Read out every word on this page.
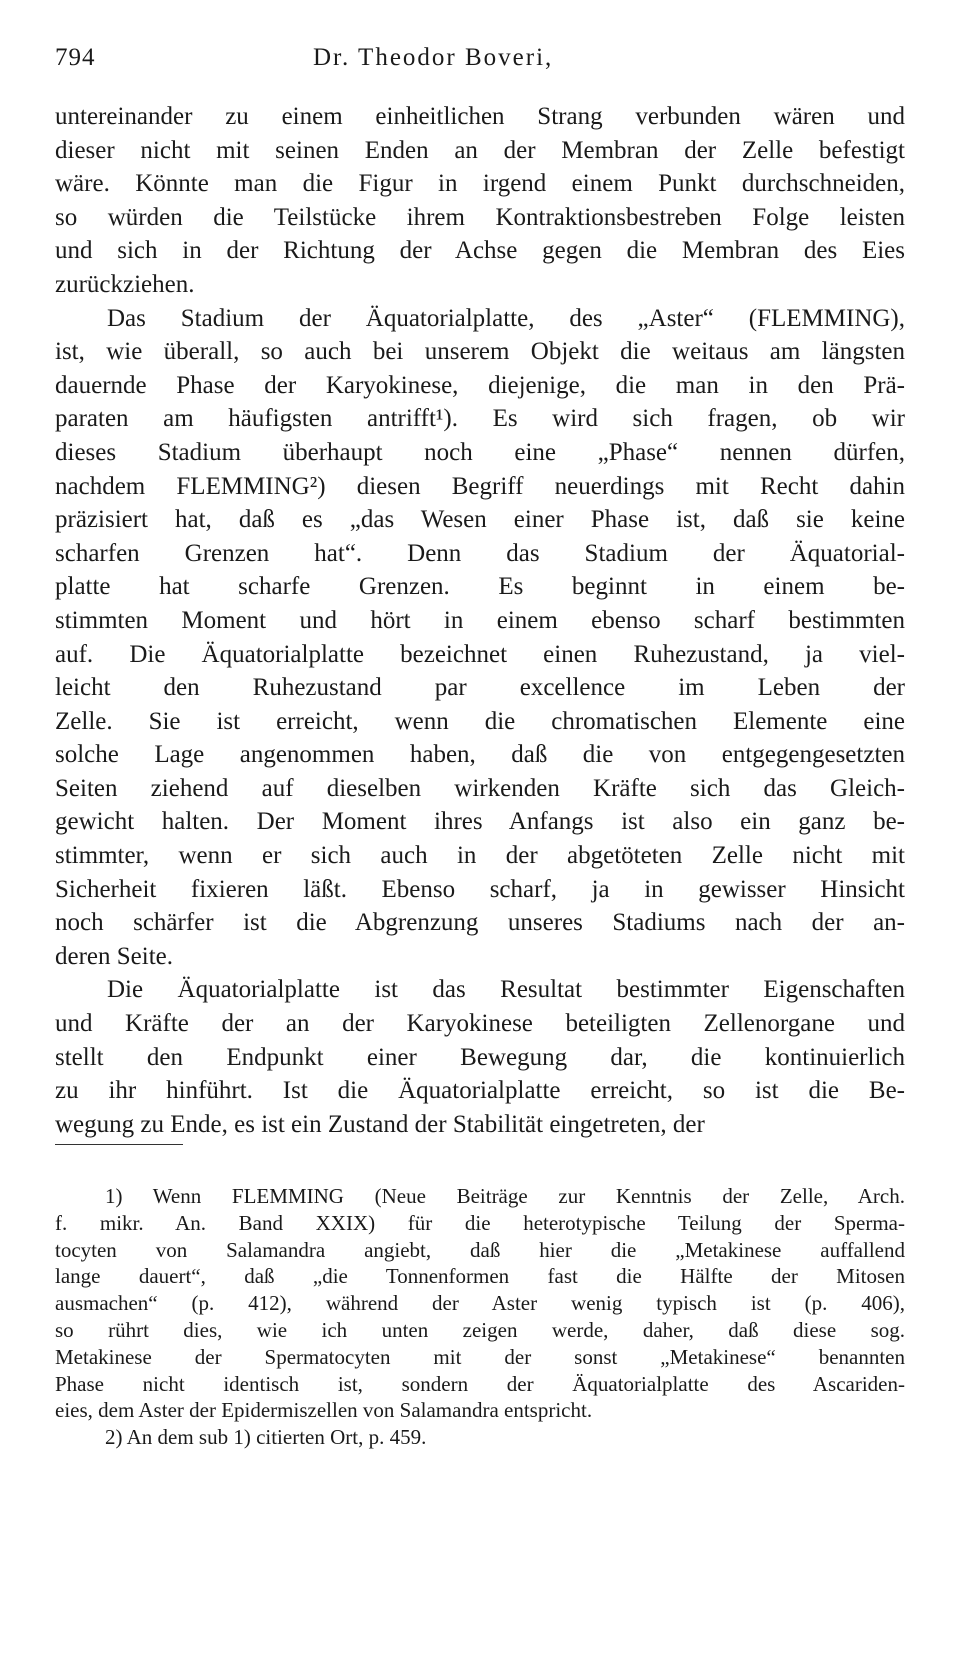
794	Dr. Theodor Boveri,
untereinander zu einem einheitlichen Strang verbunden wären und
dieser nicht mit seinen Enden an der Membran der Zelle befestigt
wäre. Könnte man die Figur in irgend einem Punkt durchschneiden,
so würden die Teilstücke ihrem Kontraktionsbestreben Folge leisten
und sich in der Richtung der Achse gegen die Membran des Eies
zurückziehen.
Das Stadium der Äquatorialplatte, des „Aster“ (FLEMMING),
ist, wie überall, so auch bei unserem Objekt die weitaus am längsten
dauernde Phase der Karyokinese, diejenige, die man in den Prä-
paraten am häufigsten antrifft¹). Es wird sich fragen, ob wir
dieses Stadium überhaupt noch eine „Phase“ nennen dürfen,
nachdem FLEMMING²) diesen Begriff neuerdings mit Recht dahin
präzisiert hat, daß es „das Wesen einer Phase ist, daß sie keine
scharfen Grenzen hat“. Denn das Stadium der Äquatorial-
platte hat scharfe Grenzen. Es beginnt in einem be-
stimmten Moment und hört in einem ebenso scharf bestimmten
auf. Die Äquatorialplatte bezeichnet einen Ruhezustand, ja viel-
leicht den Ruhezustand par excellence im Leben der
Zelle. Sie ist erreicht, wenn die chromatischen Elemente eine
solche Lage angenommen haben, daß die von entgegengesetzten
Seiten ziehend auf dieselben wirkenden Kräfte sich das Gleich-
gewicht halten. Der Moment ihres Anfangs ist also ein ganz be-
stimmter, wenn er sich auch in der abgetöteten Zelle nicht mit
Sicherheit fixieren läßt. Ebenso scharf, ja in gewisser Hinsicht
noch schärfer ist die Abgrenzung unseres Stadiums nach der an-
deren Seite.
Die Äquatorialplatte ist das Resultat bestimmter Eigenschaften
und Kräfte der an der Karyokinese beteiligten Zellenorgane und
stellt den Endpunkt einer Bewegung dar, die kontinuierlich
zu ihr hinführt. Ist die Äquatorialplatte erreicht, so ist die Be-
wegung zu Ende, es ist ein Zustand der Stabilität eingetreten, der
1) Wenn FLEMMING (Neue Beiträge zur Kenntnis der Zelle, Arch.
f. mikr. An. Band XXIX) für die heterotypische Teilung der Sperma-
tocyten von Salamandra angiebt, daß hier die „Metakinese auffallend
lange dauert“, daß „die Tonnenformen fast die Hälfte der Mitosen
ausmachen“ (p. 412), während der Aster wenig typisch ist (p. 406),
so rührt dies, wie ich unten zeigen werde, daher, daß diese sog.
Metakinese der Spermatocyten mit der sonst „Metakinese“ benannten
Phase nicht identisch ist, sondern der Äquatorialplatte des Ascariden-
eies, dem Aster der Epidermiszellen von Salamandra entspricht.
2) An dem sub 1) citierten Ort, p. 459.
